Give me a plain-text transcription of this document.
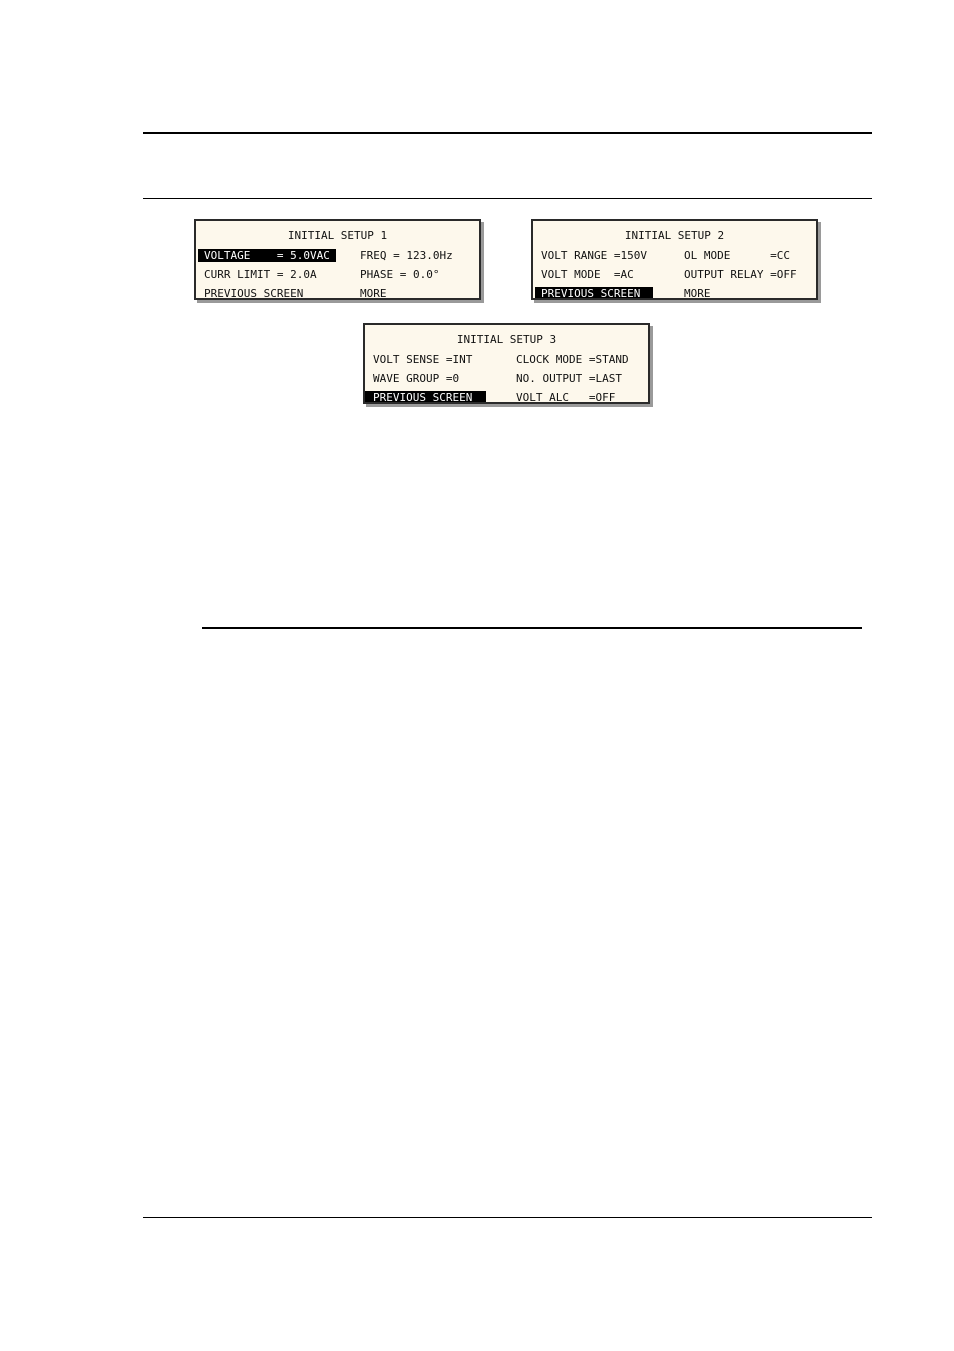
INITIAL SETUP 1
VOLTAGE    = 5.0VAC	FREQ = 123.0Hz
CURR LIMIT = 2.0A	PHASE = 0.0°
PREVIOUS SCREEN	MORE
INITIAL SETUP 2
VOLT RANGE =150V	OL MODE      =CC
VOLT MODE  =AC	OUTPUT RELAY =OFF
PREVIOUS SCREEN	MORE
INITIAL SETUP 3
VOLT SENSE =INT	CLOCK MODE =STAND
WAVE GROUP =0	NO. OUTPUT =LAST
PREVIOUS SCREEN	VOLT ALC   =OFF
